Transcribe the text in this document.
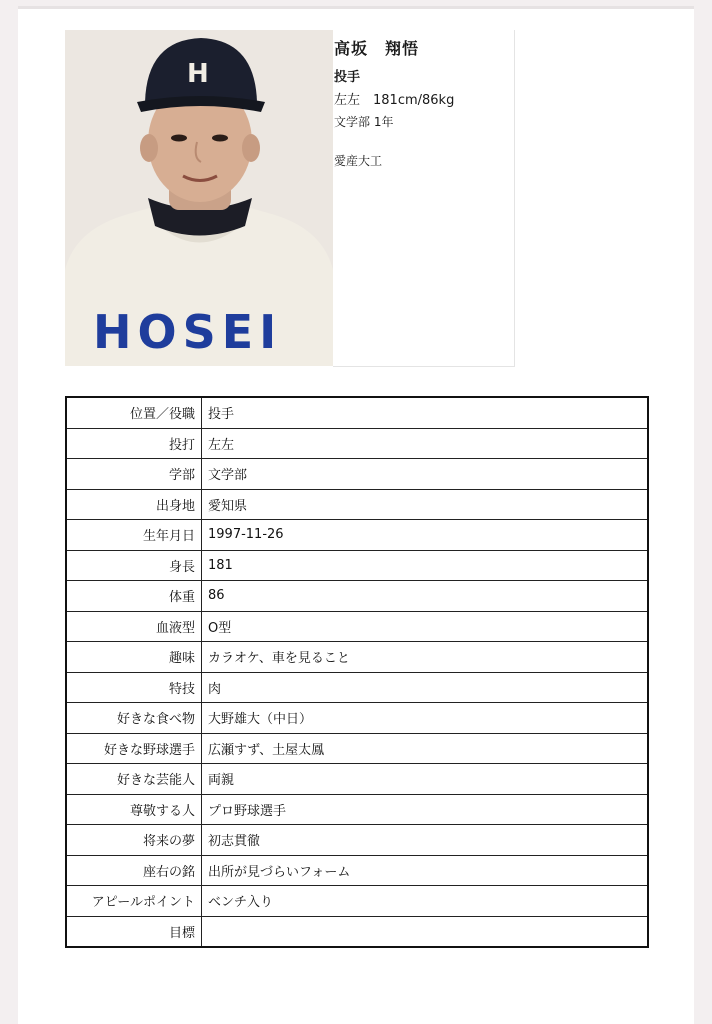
HOSEI
H
高坂　翔悟
投手
左左　181cm/86kg
文学部 1年
愛産大工
位置／役職	投手
投打	左左
学部	文学部
出身地	愛知県
生年月日	1997-11-26
身長	181
体重	86
血液型	O型
趣味	カラオケ、車を見ること
特技	肉
好きな食べ物	大野雄大（中日）
好きな野球選手	広瀬すず、土屋太鳳
好きな芸能人	両親
尊敬する人	プロ野球選手
将来の夢	初志貫徹
座右の銘	出所が見づらいフォーム
アピールポイント	ベンチ入り
目標	
